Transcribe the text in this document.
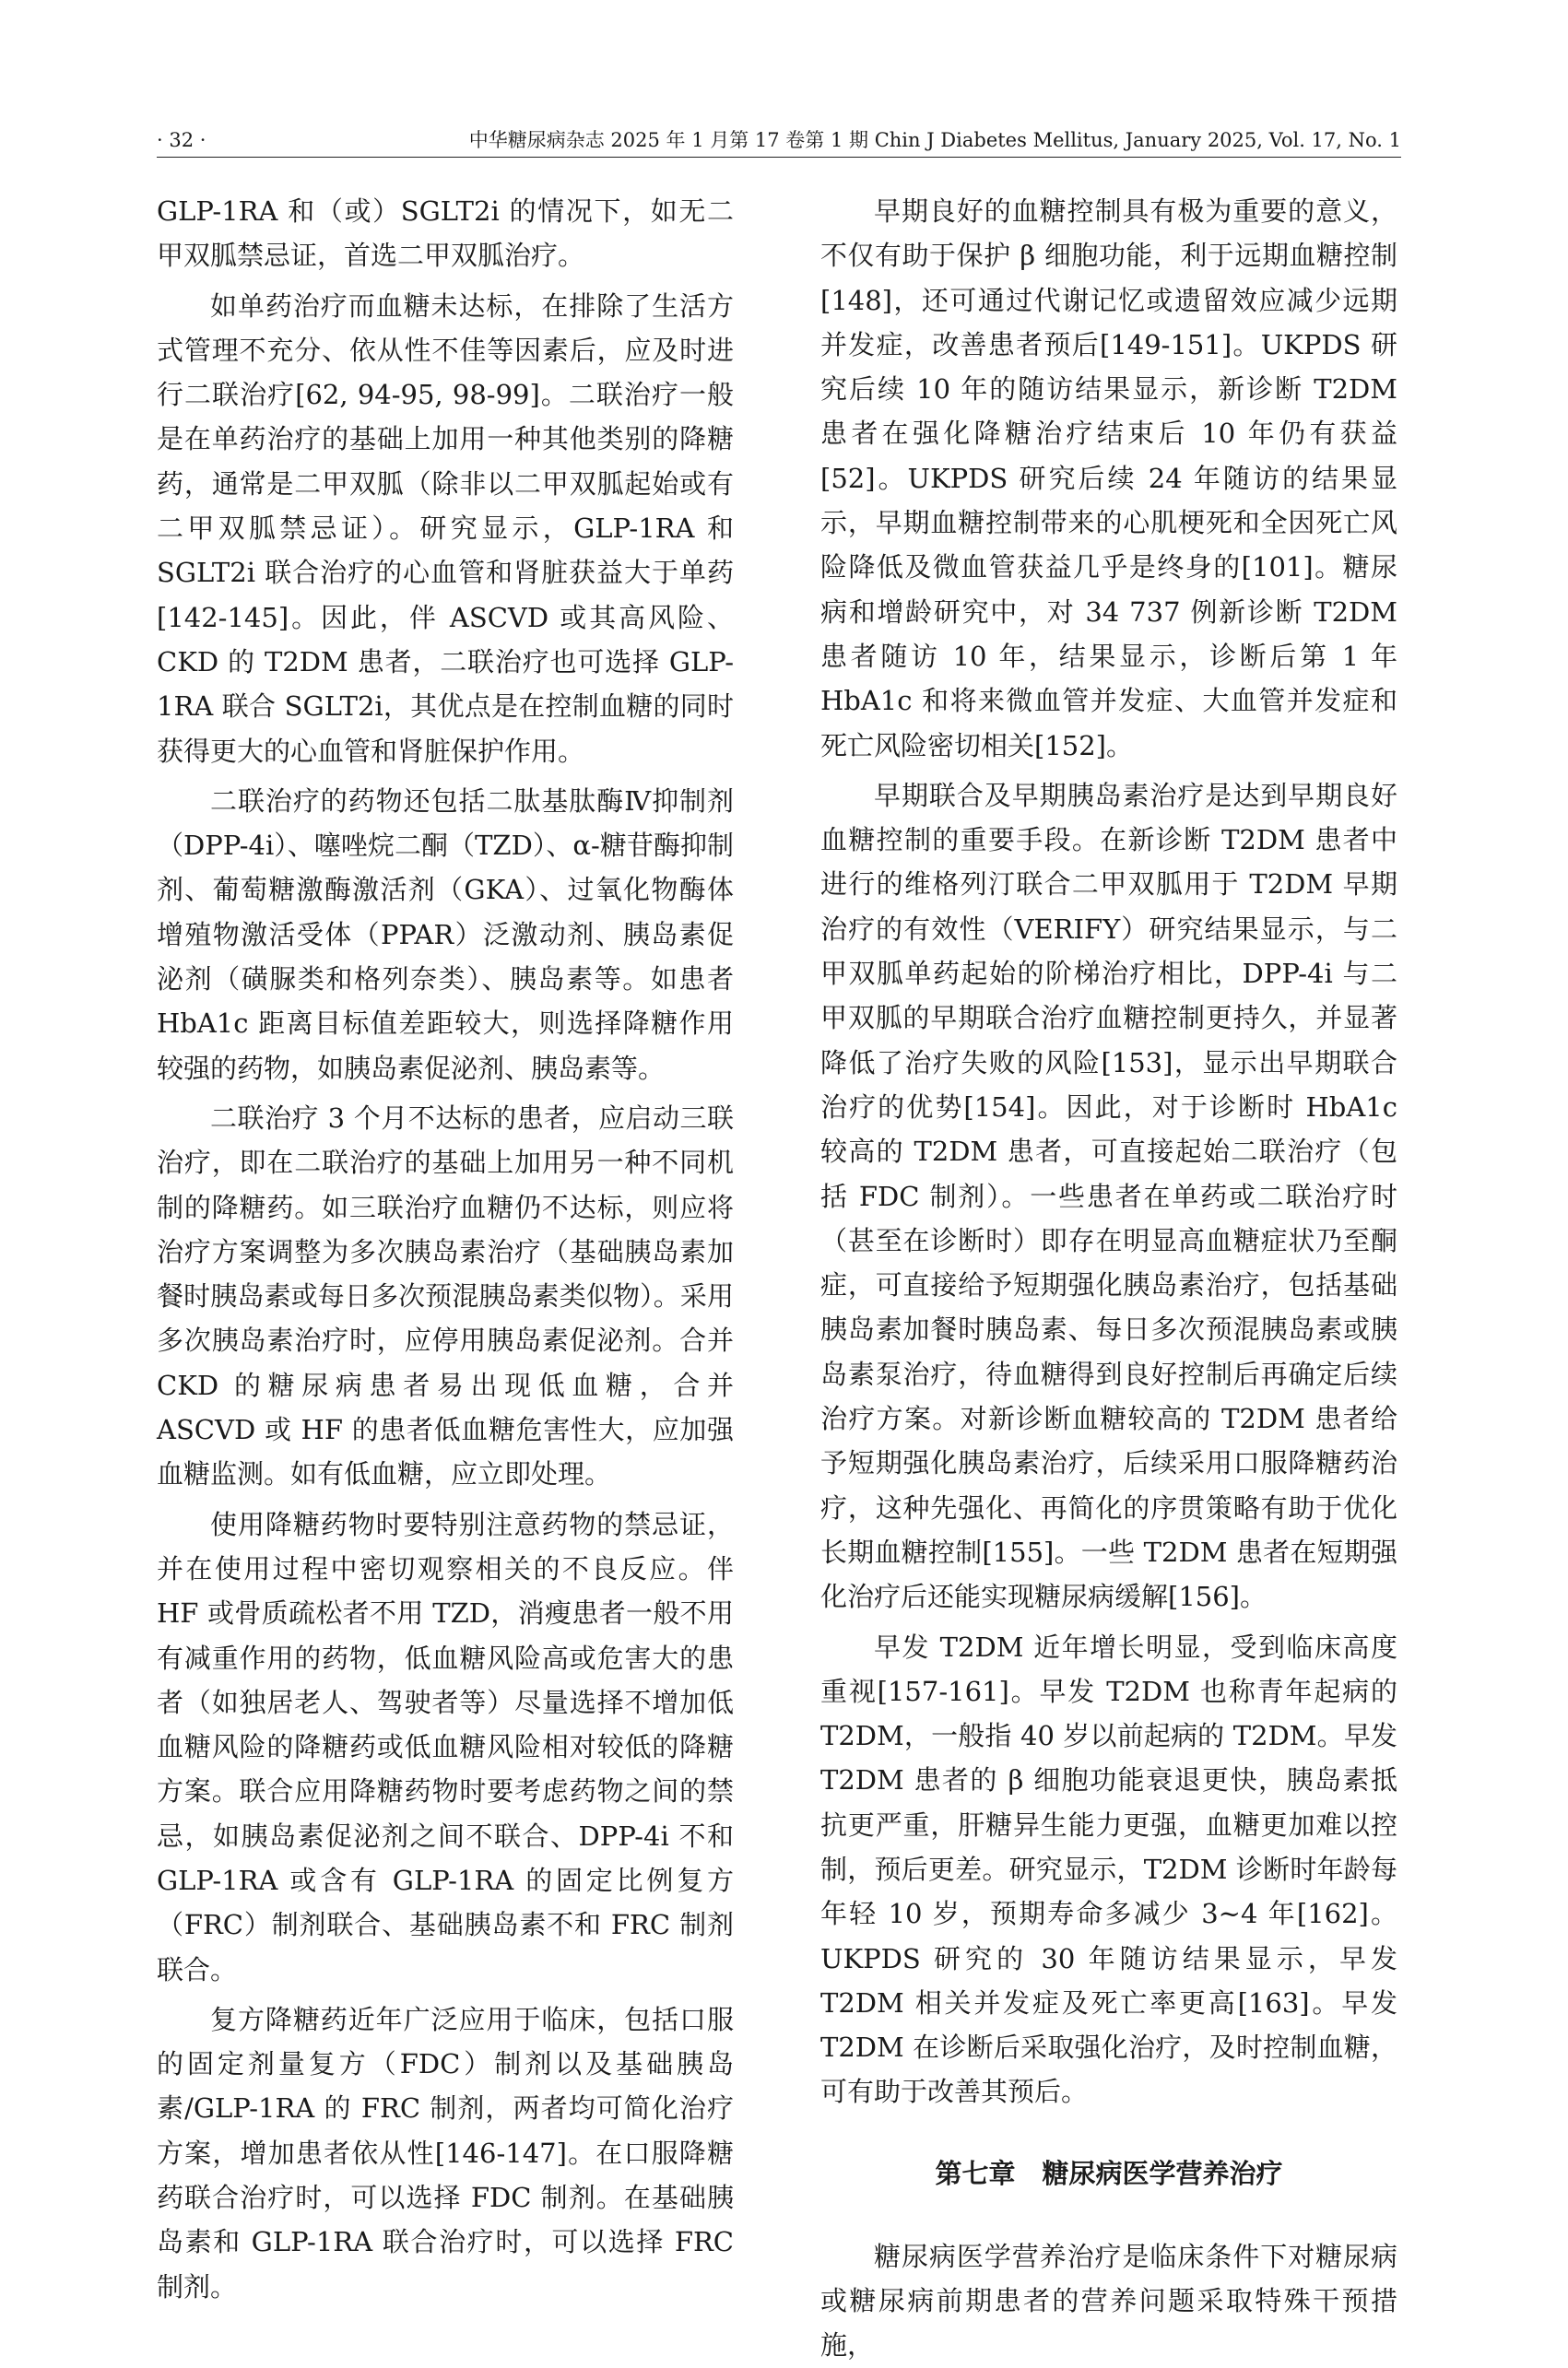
· 32 ·	中华糖尿病杂志 2025 年 1 月第 17 卷第 1 期 Chin J Diabetes Mellitus, January 2025, Vol. 17, No. 1

GLP-1RA 和（或）SGLT2i 的情况下，如无二甲双胍禁忌证，首选二甲双胍治疗。

如单药治疗而血糖未达标，在排除了生活方式管理不充分、依从性不佳等因素后，应及时进行二联治疗[62, 94-95, 98-99]。二联治疗一般是在单药治疗的基础上加用一种其他类别的降糖药，通常是二甲双胍（除非以二甲双胍起始或有二甲双胍禁忌证）。研究显示，GLP-1RA 和 SGLT2i 联合治疗的心血管和肾脏获益大于单药[142-145]。因此，伴 ASCVD 或其高风险、CKD 的 T2DM 患者，二联治疗也可选择 GLP-1RA 联合 SGLT2i，其优点是在控制血糖的同时获得更大的心血管和肾脏保护作用。

二联治疗的药物还包括二肽基肽酶Ⅳ抑制剂（DPP-4i）、噻唑烷二酮（TZD）、α-糖苷酶抑制剂、葡萄糖激酶激活剂（GKA）、过氧化物酶体增殖物激活受体（PPAR）泛激动剂、胰岛素促泌剂（磺脲类和格列奈类）、胰岛素等。如患者 HbA1c 距离目标值差距较大，则选择降糖作用较强的药物，如胰岛素促泌剂、胰岛素等。

二联治疗 3 个月不达标的患者，应启动三联治疗，即在二联治疗的基础上加用另一种不同机制的降糖药。如三联治疗血糖仍不达标，则应将治疗方案调整为多次胰岛素治疗（基础胰岛素加餐时胰岛素或每日多次预混胰岛素类似物）。采用多次胰岛素治疗时，应停用胰岛素促泌剂。合并 CKD 的糖尿病患者易出现低血糖，合并 ASCVD 或 HF 的患者低血糖危害性大，应加强血糖监测。如有低血糖，应立即处理。

使用降糖药物时要特别注意药物的禁忌证，并在使用过程中密切观察相关的不良反应。伴 HF 或骨质疏松者不用 TZD，消瘦患者一般不用有减重作用的药物，低血糖风险高或危害大的患者（如独居老人、驾驶者等）尽量选择不增加低血糖风险的降糖药或低血糖风险相对较低的降糖方案。联合应用降糖药物时要考虑药物之间的禁忌，如胰岛素促泌剂之间不联合、DPP-4i 不和 GLP-1RA 或含有 GLP-1RA 的固定比例复方（FRC）制剂联合、基础胰岛素不和 FRC 制剂联合。

复方降糖药近年广泛应用于临床，包括口服的固定剂量复方（FDC）制剂以及基础胰岛素/GLP-1RA 的 FRC 制剂，两者均可简化治疗方案，增加患者依从性[146-147]。在口服降糖药联合治疗时，可以选择 FDC 制剂。在基础胰岛素和 GLP-1RA 联合治疗时，可以选择 FRC 制剂。

早期良好的血糖控制具有极为重要的意义，不仅有助于保护 β 细胞功能，利于远期血糖控制[148]，还可通过代谢记忆或遗留效应减少远期并发症，改善患者预后[149-151]。UKPDS 研究后续 10 年的随访结果显示，新诊断 T2DM 患者在强化降糖治疗结束后 10 年仍有获益[52]。UKPDS 研究后续 24 年随访的结果显示，早期血糖控制带来的心肌梗死和全因死亡风险降低及微血管获益几乎是终身的[101]。糖尿病和增龄研究中，对 34 737 例新诊断 T2DM 患者随访 10 年，结果显示，诊断后第 1 年 HbA1c 和将来微血管并发症、大血管并发症和死亡风险密切相关[152]。

早期联合及早期胰岛素治疗是达到早期良好血糖控制的重要手段。在新诊断 T2DM 患者中进行的维格列汀联合二甲双胍用于 T2DM 早期治疗的有效性（VERIFY）研究结果显示，与二甲双胍单药起始的阶梯治疗相比，DPP-4i 与二甲双胍的早期联合治疗血糖控制更持久，并显著降低了治疗失败的风险[153]，显示出早期联合治疗的优势[154]。因此，对于诊断时 HbA1c 较高的 T2DM 患者，可直接起始二联治疗（包括 FDC 制剂）。一些患者在单药或二联治疗时（甚至在诊断时）即存在明显高血糖症状乃至酮症，可直接给予短期强化胰岛素治疗，包括基础胰岛素加餐时胰岛素、每日多次预混胰岛素或胰岛素泵治疗，待血糖得到良好控制后再确定后续治疗方案。对新诊断血糖较高的 T2DM 患者给予短期强化胰岛素治疗，后续采用口服降糖药治疗，这种先强化、再简化的序贯策略有助于优化长期血糖控制[155]。一些 T2DM 患者在短期强化治疗后还能实现糖尿病缓解[156]。

早发 T2DM 近年增长明显，受到临床高度重视[157-161]。早发 T2DM 也称青年起病的 T2DM，一般指 40 岁以前起病的 T2DM。早发 T2DM 患者的 β 细胞功能衰退更快，胰岛素抵抗更严重，肝糖异生能力更强，血糖更加难以控制，预后更差。研究显示，T2DM 诊断时年龄每年轻 10 岁，预期寿命多减少 3~4 年[162]。UKPDS 研究的 30 年随访结果显示，早发 T2DM 相关并发症及死亡率更高[163]。早发 T2DM 在诊断后采取强化治疗，及时控制血糖，可有助于改善其预后。

第七章　糖尿病医学营养治疗

糖尿病医学营养治疗是临床条件下对糖尿病或糖尿病前期患者的营养问题采取特殊干预措施，
